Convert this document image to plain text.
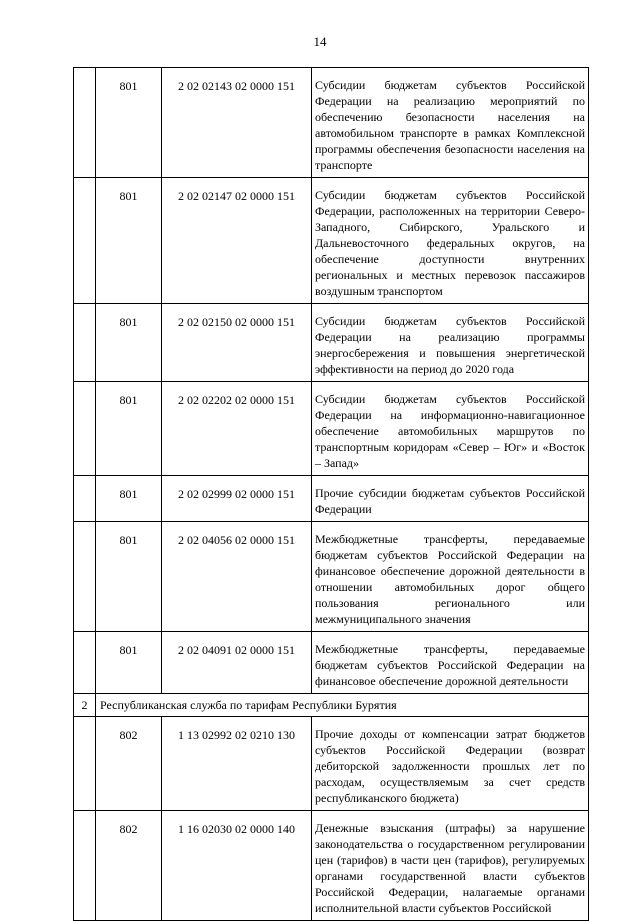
14
	801	2 02 02143 02 0000 151	Субсидии бюджетам субъектов Российской Федерации на реализацию мероприятий по обеспечению безопасности населения на автомобильном транспорте в рамках Комплексной программы обеспечения безопасности населения на транспорте
	801	2 02 02147 02 0000 151	Субсидии бюджетам субъектов Российской Федерации, расположенных на территории Северо-Западного, Сибирского, Уральского и Дальневосточного федеральных округов, на обеспечение доступности внутренних региональных и местных перевозок пассажиров воздушным транспортом
	801	2 02 02150 02 0000 151	Субсидии бюджетам субъектов Российской Федерации на реализацию программы энергосбережения и повышения энергетической эффективности на период до 2020 года
	801	2 02 02202 02 0000 151	Субсидии бюджетам субъектов Российской Федерации на информационно-навигационное обеспечение автомобильных маршрутов по транспортным коридорам «Север – Юг» и «Восток – Запад»
	801	2 02 02999 02 0000 151	Прочие субсидии бюджетам субъектов Российской Федерации
	801	2 02 04056 02 0000 151	Межбюджетные трансферты, передаваемые бюджетам субъектов Российской Федерации на финансовое обеспечение дорожной деятельности в отношении автомобильных дорог общего пользования регионального или межмуниципального значения
	801	2 02 04091 02 0000 151	Межбюджетные трансферты, передаваемые бюджетам субъектов Российской Федерации на финансовое обеспечение дорожной деятельности
2	Республиканская служба по тарифам Республики Бурятия		
	802	1 13 02992 02 0210 130	Прочие доходы от компенсации затрат бюджетов субъектов Российской Федерации (возврат дебиторской задолженности прошлых лет по расходам, осуществляемым за счет средств республиканского бюджета)
	802	1 16 02030 02 0000 140	Денежные взыскания (штрафы) за нарушение законодательства о государственном регулировании цен (тарифов) в части цен (тарифов), регулируемых органами государственной власти субъектов Российской Федерации, налагаемые органами исполнительной власти субъектов Российской
